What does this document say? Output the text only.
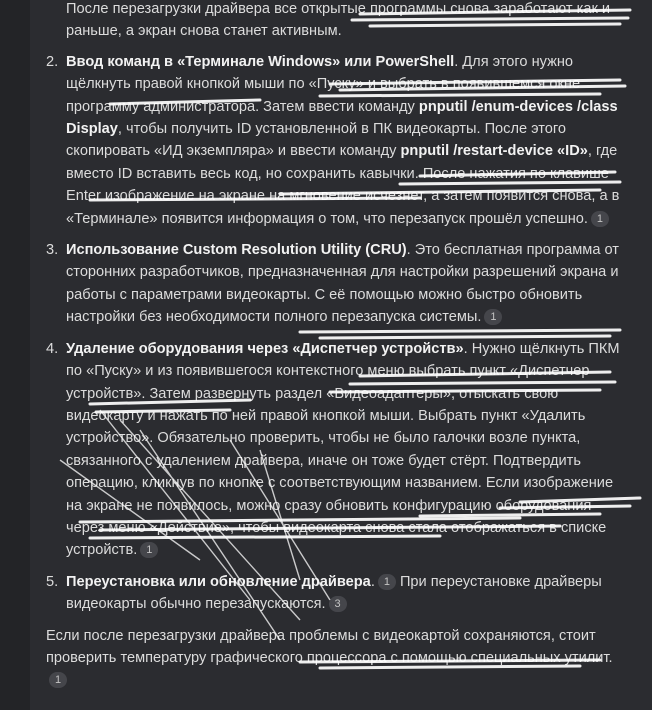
После перезагрузки драйвера все открытые программы снова заработают как и раньше, а экран снова станет активным.

2. Ввод команд в «Терминале Windows» или PowerShell. Для этого нужно щёлкнуть правой кнопкой мыши по «Пуску» и выбрать в появившемся окне программу администратора. Затем ввести команду pnputil /enum-devices /class Display, чтобы получить ID установленной в ПК видеокарты. После этого скопировать «ИД экземпляра» и ввести команду pnputil /restart-device «ID», где вместо ID вставить весь код, но сохранить кавычки. После нажатия по клавише Enter изображение на экране на мгновение исчезнет, а затем появится снова, а в «Терминале» появится информация о том, что перезапуск прошёл успешно. 1
3. Использование Custom Resolution Utility (CRU). Это бесплатная программа от сторонних разработчиков, предназначенная для настройки разрешений экрана и работы с параметрами видеокарты. С её помощью можно быстро обновить настройки без необходимости полного перезапуска системы. 1
4. Удаление оборудования через «Диспетчер устройств». Нужно щёлкнуть ПКМ по «Пуску» и из появившегося контекстного меню выбрать пункт «Диспетчер устройств». Затем развернуть раздел «Видеоадаптеры», отыскать свою видеокарту и нажать по ней правой кнопкой мыши. Выбрать пункт «Удалить устройство». Обязательно проверить, чтобы не было галочки возле пункта, связанного с удалением драйвера, иначе он тоже будет стёрт. Подтвердить операцию, кликнув по кнопке с соответствующим названием. Если изображение на экране не появилось, можно сразу обновить конфигурацию оборудования через меню «Действие», чтобы видеокарта снова стала отображаться в списке устройств. 1
5. Переустановка или обновление драйвера. 1 При переустановке драйверы видеокарты обычно перезапускаются. 3

Если после перезагрузки драйвера проблемы с видеокартой сохраняются, стоит проверить температуру графического процессора с помощью специальных утилит.1
